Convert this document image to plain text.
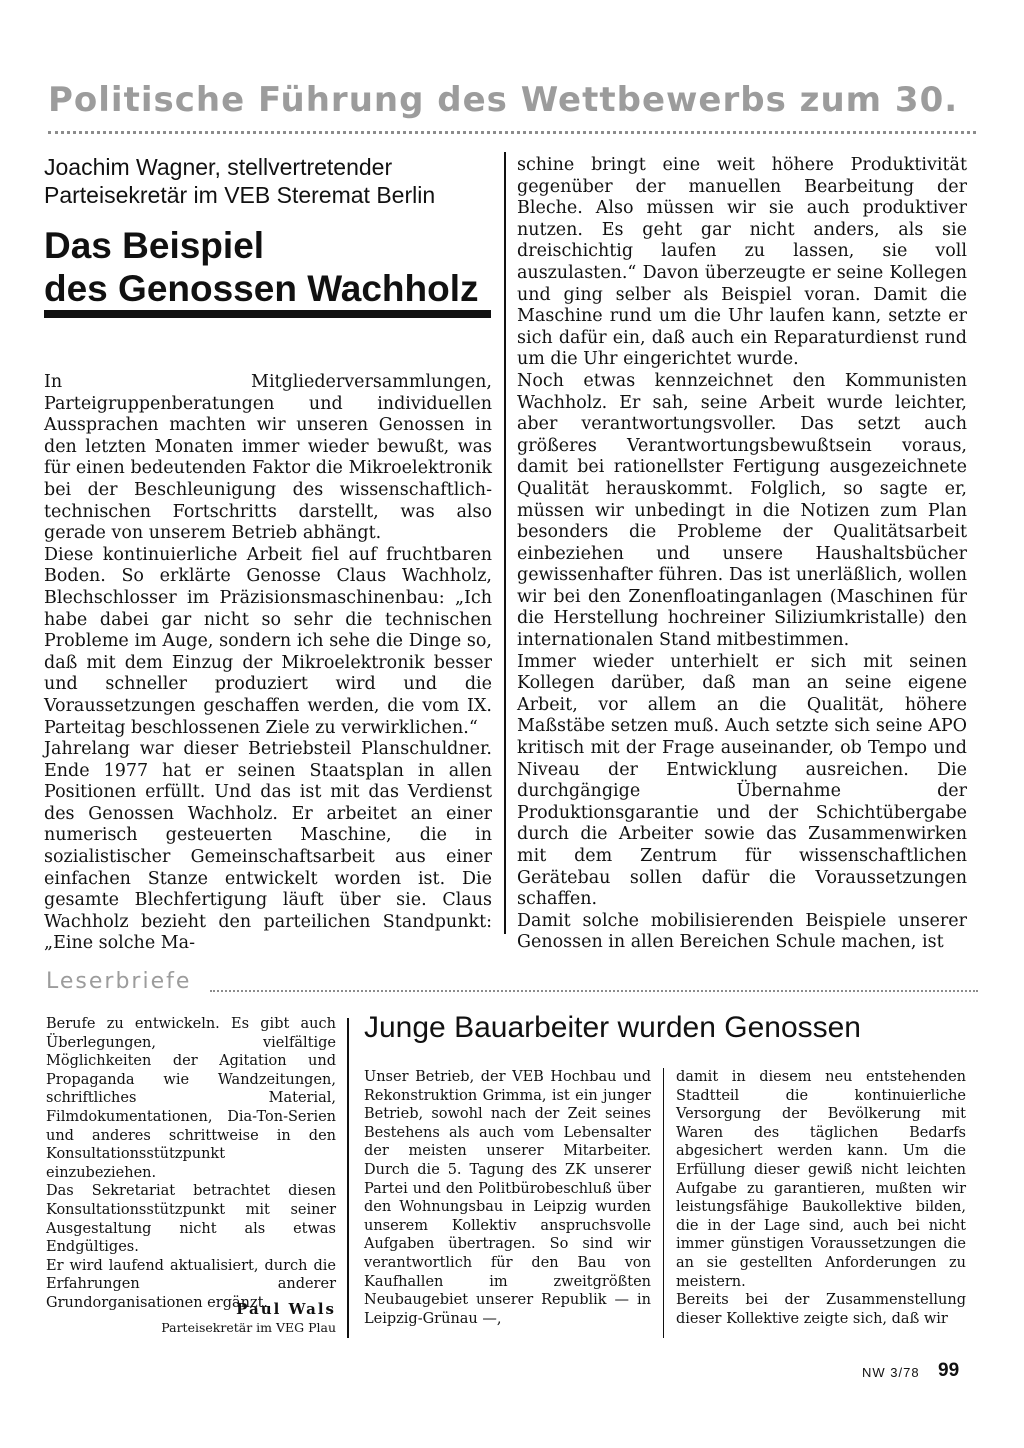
Politische Führung des Wettbewerbs zum 30.
Joachim Wagner, stellvertretender
Parteisekretär im VEB Steremat Berlin
Das Beispiel
des Genossen Wachholz

In Mitgliederversammlungen, Parteigruppenberatungen und individuellen Aussprachen machten wir unseren Genossen in den letzten Monaten immer wieder bewußt, was für einen bedeutenden Faktor die Mikroelektronik bei der Beschleunigung des wissenschaftlich-technischen Fortschritts darstellt, was also gerade von unserem Betrieb abhängt.

Diese kontinuierliche Arbeit fiel auf fruchtbaren Boden. So erklärte Genosse Claus Wachholz, Blechschlosser im Präzisionsmaschinenbau: „Ich habe dabei gar nicht so sehr die technischen Probleme im Auge, sondern ich sehe die Dinge so, daß mit dem Einzug der Mikroelektronik besser und schneller produziert wird und die Voraussetzungen geschaffen werden, die vom IX. Parteitag beschlossenen Ziele zu verwirklichen.“

Jahrelang war dieser Betriebsteil Planschuldner. Ende 1977 hat er seinen Staatsplan in allen Positionen erfüllt. Und das ist mit das Verdienst des Genossen Wachholz. Er arbeitet an einer numerisch gesteuerten Maschine, die in sozialistischer Gemeinschaftsarbeit aus einer einfachen Stanze entwickelt worden ist. Die gesamte Blechfertigung läuft über sie. Claus Wachholz bezieht den parteilichen Standpunkt: „Eine solche Ma-

schine bringt eine weit höhere Produktivität gegenüber der manuellen Bearbeitung der Bleche. Also müssen wir sie auch produktiver nutzen. Es geht gar nicht anders, als sie dreischichtig laufen zu lassen, sie voll auszulasten.“ Davon überzeugte er seine Kollegen und ging selber als Beispiel voran. Damit die Maschine rund um die Uhr laufen kann, setzte er sich dafür ein, daß auch ein Reparaturdienst rund um die Uhr eingerichtet wurde.

Noch etwas kennzeichnet den Kommunisten Wachholz. Er sah, seine Arbeit wurde leichter, aber verantwortungsvoller. Das setzt auch größeres Verantwortungsbewußtsein voraus, damit bei rationellster Fertigung ausgezeichnete Qualität herauskommt. Folglich, so sagte er, müssen wir unbedingt in die Notizen zum Plan besonders die Probleme der Qualitätsarbeit einbeziehen und unsere Haushaltsbücher gewissenhafter führen. Das ist unerläßlich, wollen wir bei den Zonenfloatinganlagen (Maschinen für die Herstellung hochreiner Siliziumkristalle) den internationalen Stand mitbestimmen.

Immer wieder unterhielt er sich mit seinen Kollegen darüber, daß man an seine eigene Arbeit, vor allem an die Qualität, höhere Maßstäbe setzen muß. Auch setzte sich seine APO kritisch mit der Frage auseinander, ob Tempo und Niveau der Entwicklung ausreichen. Die durchgängige Übernahme der Produktionsgarantie und der Schichtübergabe durch die Arbeiter sowie das Zusammenwirken mit dem Zentrum für wissenschaftlichen Gerätebau sollen dafür die Voraussetzungen schaffen.

Damit solche mobilisierenden Beispiele unserer Genossen in allen Bereichen Schule machen, ist

Leserbriefe

Berufe zu entwickeln. Es gibt auch Überlegungen, vielfältige Möglichkeiten der Agitation und Propaganda wie Wandzeitungen, schriftliches Material, Filmdokumentationen, Dia-Ton-Serien und anderes schrittweise in den Konsultationsstützpunkt einzubeziehen.

Das Sekretariat betrachtet diesen Konsultationsstützpunkt mit seiner Ausgestaltung nicht als etwas Endgültiges.

Er wird laufend aktualisiert, durch die Erfahrungen anderer Grundorganisationen ergänzt.

Paul Wals
Parteisekretär im VEG Plau
Junge Bauarbeiter wurden Genossen

Unser Betrieb, der VEB Hochbau und Rekonstruktion Grimma, ist ein junger Betrieb, sowohl nach der Zeit seines Bestehens als auch vom Lebensalter der meisten unserer Mitarbeiter. Durch die 5. Tagung des ZK unserer Partei und den Politbürobeschluß über den Wohnungsbau in Leipzig wurden unserem Kollektiv anspruchsvolle Aufgaben übertragen. So sind wir verantwortlich für den Bau von Kaufhallen im zweitgrößten Neubaugebiet unserer Republik — in Leipzig-Grünau —,

damit in diesem neu entstehenden Stadtteil die kontinuierliche Versorgung der Bevölkerung mit Waren des täglichen Bedarfs abgesichert werden kann. Um die Erfüllung dieser gewiß nicht leichten Aufgabe zu garantieren, mußten wir leistungsfähige Baukollektive bilden, die in der Lage sind, auch bei nicht immer günstigen Voraussetzungen die an sie gestellten Anforderungen zu meistern.

Bereits bei der Zusammenstellung dieser Kollektive zeigte sich, daß wir

NW 3/78 99
